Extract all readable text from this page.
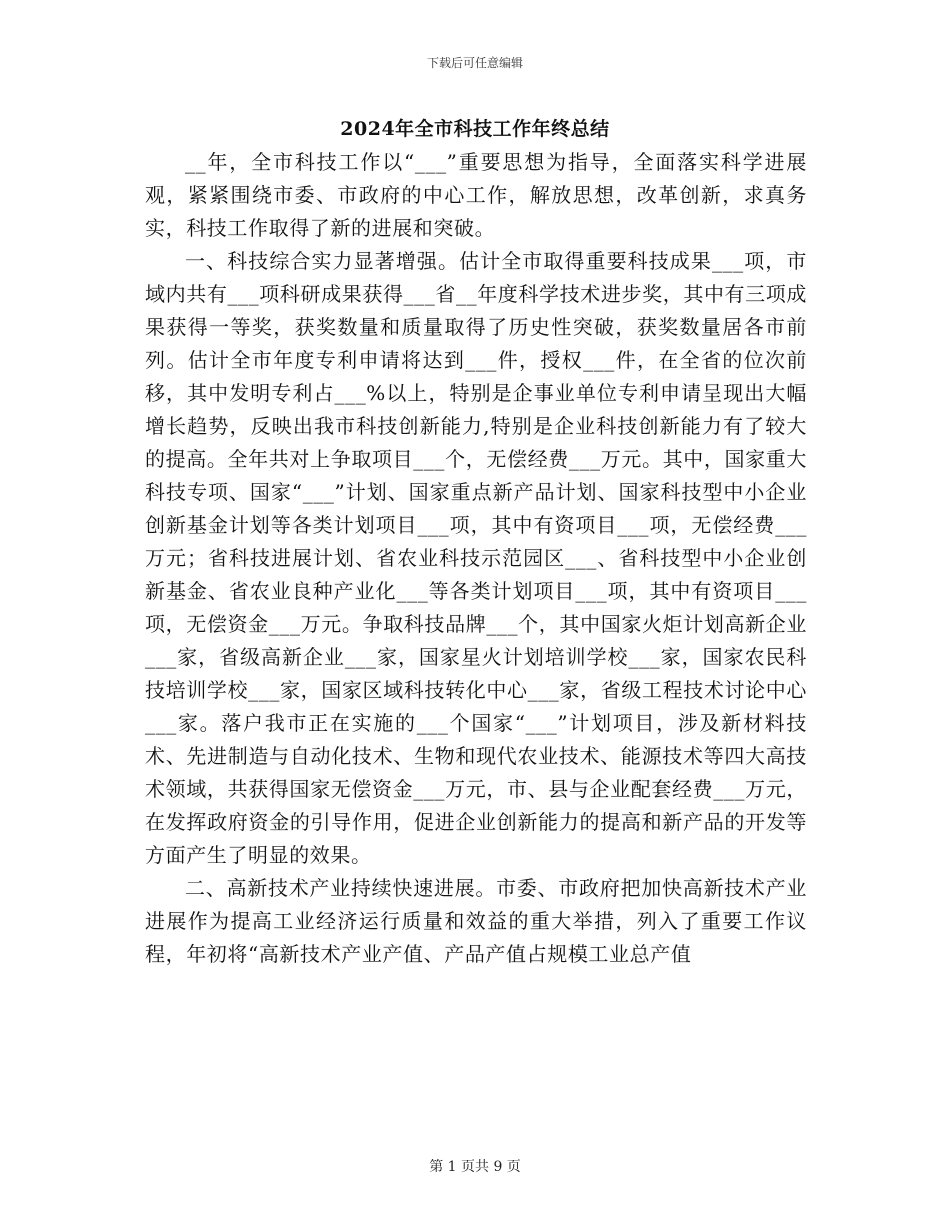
下载后可任意编辑
2024年全市科技工作年终总结

__年，全市科技工作以“___”重要思想为指导，全面落实科学进展观，紧紧围绕市委、市政府的中心工作，解放思想，改革创新，求真务实，科技工作取得了新的进展和突破。

一、科技综合实力显著增强。估计全市取得重要科技成果___项，市域内共有___项科研成果获得___省__年度科学技术进步奖，其中有三项成果获得一等奖，获奖数量和质量取得了历史性突破，获奖数量居各市前列。估计全市年度专利申请将达到___件，授权___件，在全省的位次前移，其中发明专利占___%以上，特别是企事业单位专利申请呈现出大幅增长趋势，反映出我市科技创新能力,特别是企业科技创新能力有了较大的提高。全年共对上争取项目___个，无偿经费___万元。其中，国家重大科技专项、国家“___”计划、国家重点新产品计划、国家科技型中小企业创新基金计划等各类计划项目___项，其中有资项目___项，无偿经费___万元；省科技进展计划、省农业科技示范园区___、省科技型中小企业创新基金、省农业良种产业化___等各类计划项目___项，其中有资项目___项，无偿资金___万元。争取科技品牌___个，其中国家火炬计划高新企业___家，省级高新企业___家，国家星火计划培训学校___家，国家农民科技培训学校___家，国家区域科技转化中心___家，省级工程技术讨论中心___家。落户我市正在实施的___个国家“___”计划项目，涉及新材料技术、先进制造与自动化技术、生物和现代农业技术、能源技术等四大高技术领域，共获得国家无偿资金___万元，市、县与企业配套经费___万元，在发挥政府资金的引导作用，促进企业创新能力的提高和新产品的开发等方面产生了明显的效果。

二、高新技术产业持续快速进展。市委、市政府把加快高新技术产业进展作为提高工业经济运行质量和效益的重大举措，列入了重要工作议程，年初将“高新技术产业产值、产品产值占规模工业总产值

第 1 页共 9 页
